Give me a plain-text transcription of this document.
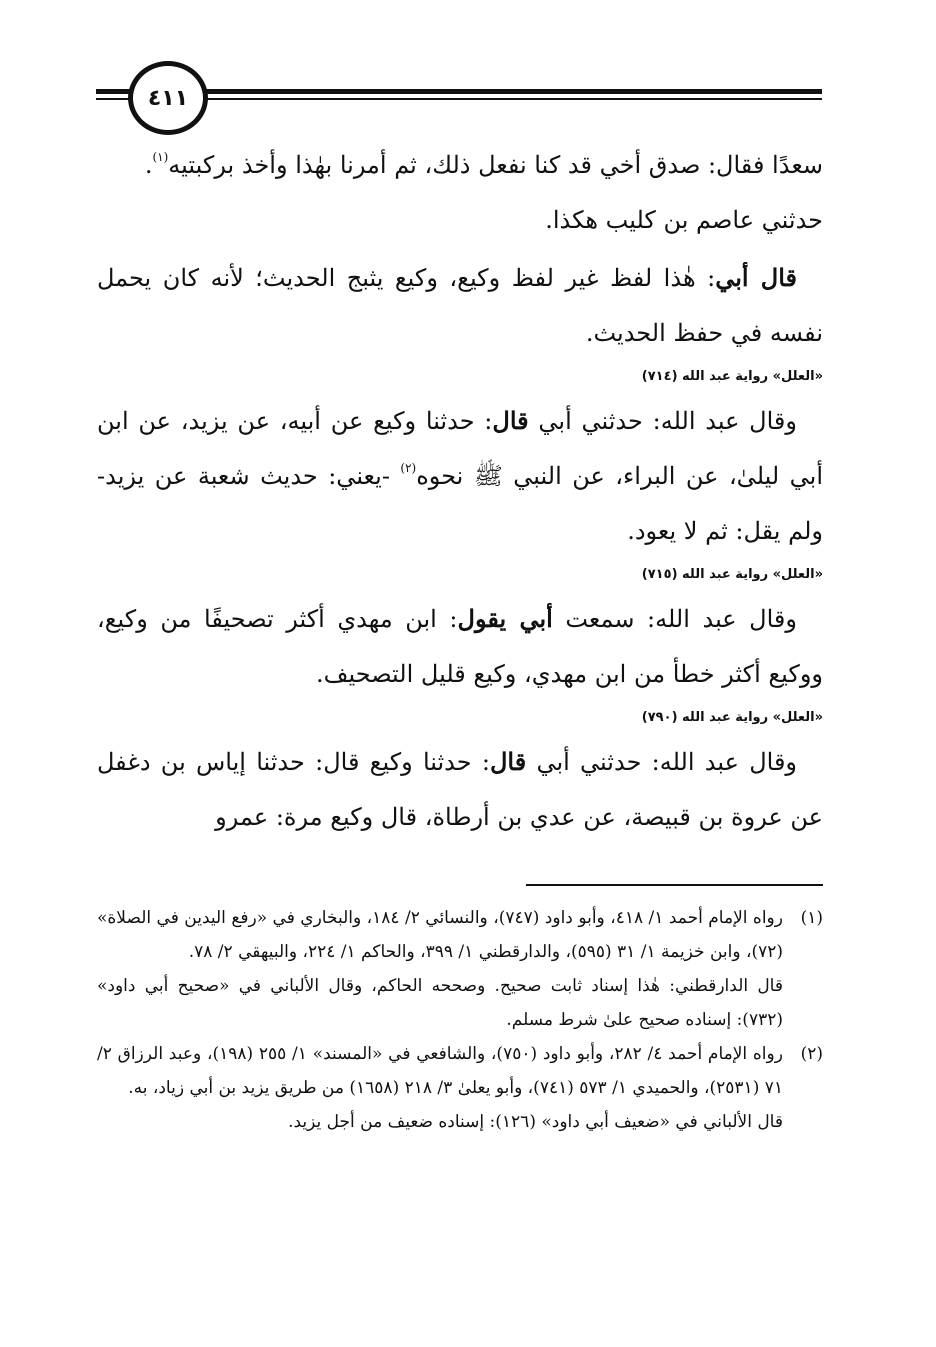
٤١١

سعدًا فقال: صدق أخي قد كنا نفعل ذلك، ثم أمرنا بهٰذا وأخذ بركبتيه$^{(١)}$.

حدثني عاصم بن كليب هكذا.

قال أبي: هٰذا لفظ غير لفظ وكيع، وكيع يثبج الحديث؛ لأنه كان يحمل نفسه في حفظ الحديث.

«العلل» رواية عبد الله (٧١٤)

وقال عبد الله: حدثني أبي قال: حدثنا وكيع عن أبيه، عن يزيد، عن ابن أبي ليلىٰ، عن البراء، عن النبي ﷺ نحوه$^{(٢)}$ -يعني: حديث شعبة عن يزيد- ولم يقل: ثم لا يعود.

«العلل» رواية عبد الله (٧١٥)

وقال عبد الله: سمعت أبي يقول: ابن مهدي أكثر تصحيفًا من وكيع، ووكيع أكثر خطأ من ابن مهدي، وكيع قليل التصحيف.

«العلل» رواية عبد الله (٧٩٠)

وقال عبد الله: حدثني أبي قال: حدثنا وكيع قال: حدثنا إياس بن دغفل عن عروة بن قبيصة، عن عدي بن أرطاة، قال وكيع مرة: عمرو

(١)

رواه الإمام أحمد ١/ ٤١٨، وأبو داود (٧٤٧)، والنسائي ٢/ ١٨٤، والبخاري في «رفع اليدين في الصلاة» (٧٢)، وابن خزيمة ١/ ٣١ (٥٩٥)، والدارقطني ١/ ٣٩٩، والحاكم ١/ ٢٢٤، والبيهقي ٢/ ٧٨.

قال الدارقطني: هٰذا إسناد ثابت صحيح. وصححه الحاكم، وقال الألباني في «صحيح أبي داود» (٧٣٢): إسناده صحيح علىٰ شرط مسلم.

(٢)

رواه الإمام أحمد ٤/ ٢٨٢، وأبو داود (٧٥٠)، والشافعي في «المسند» ١/ ٢٥٥ (١٩٨)، وعبد الرزاق ٢/ ٧١ (٢٥٣١)، والحميدي ١/ ٥٧٣ (٧٤١)، وأبو يعلىٰ ٣/ ٢١٨ (١٦٥٨) من طريق يزيد بن أبي زياد، به.

قال الألباني في «ضعيف أبي داود» (١٢٦): إسناده ضعيف من أجل يزيد.
